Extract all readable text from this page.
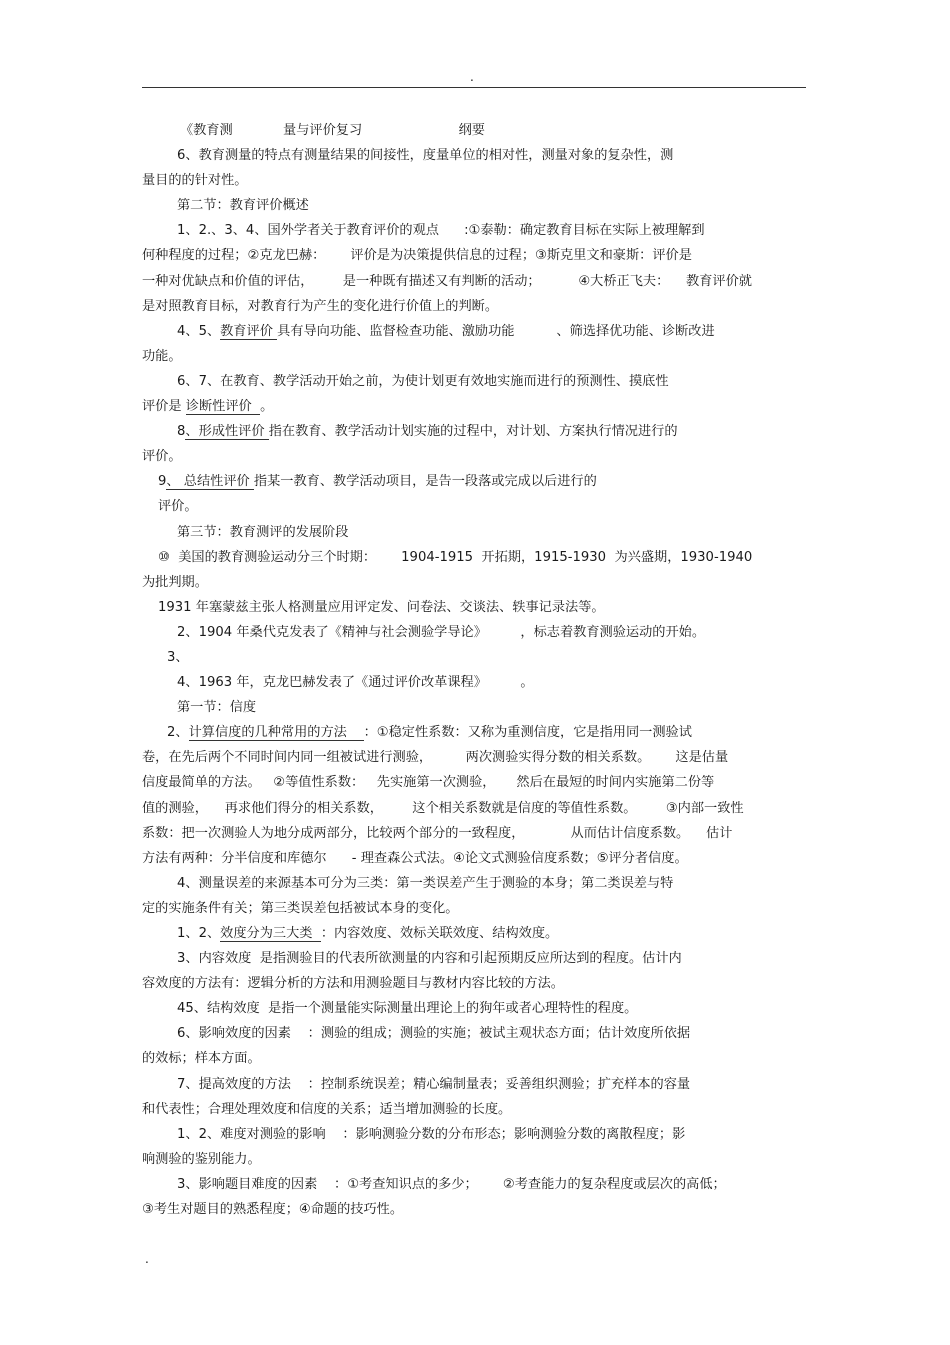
.
《教育测            量与评价复习                       纲要
6、教育测量的特点有测量结果的间接性，度量单位的相对性，测量对象的复杂性，测
量目的的针对性。
第二节：教育评价概述
1、2.、3、4、国外学者关于教育评价的观点      :①泰勒：确定教育目标在实际上被理解到
何种程度的过程；②克龙巴赫：      评价是为决策提供信息的过程；③斯克里文和豪斯：评价是
一种对优缺点和价值的评估，       是一种既有描述又有判断的活动；         ④大桥正飞夫：    教育评价就
是对照教育目标，对教育行为产生的变化进行价值上的判断。
4、5、教育评价 具有导向功能、监督检查功能、激励功能          、筛选择优功能、诊断改进
功能。
6、7、在教育、教学活动开始之前，为使计划更有效地实施而进行的预测性、摸底性
评价是 诊断性评价  。
8、形成性评价 指在教育、教学活动计划实施的过程中，对计划、方案执行情况进行的
评价。
9、 总结性评价 指某一教育、教学活动项目，是告一段落或完成以后进行的
评价。
第三节：教育测评的发展阶段
⑩  美国的教育测验运动分三个时期：      1904-1915  开拓期，1915-1930  为兴盛期，1930-1940
为批判期。
1931 年塞蒙兹主张人格测量应用评定发、问卷法、交谈法、轶事记录法等。
2、1904 年桑代克发表了《精神与社会测验学导论》        ，标志着教育测验运动的开始。
3、
4、1963 年，克龙巴赫发表了《通过评价改革课程》        。
第一节：信度
2、计算信度的几种常用的方法    ：①稳定性系数：又称为重测信度，它是指用同一测验试
卷，在先后两个不同时间内同一组被试进行测验，        两次测验实得分数的相关系数。      这是估量
信度最简单的方法。   ②等值性系数：   先实施第一次测验，     然后在最短的时间内实施第二份等
值的测验，    再求他们得分的相关系数，       这个相关系数就是信度的等值性系数。       ③内部一致性
系数：把一次测验人为地分成两部分，比较两个部分的一致程度，           从而估计信度系数。    估计
方法有两种：分半信度和库德尔      - 理查森公式法。④论文式测验信度系数；⑤评分者信度。
4、测量误差的来源基本可分为三类：第一类误差产生于测验的本身；第二类误差与特
定的实施条件有关；第三类误差包括被试本身的变化。
1、2、效度分为三大类  ：内容效度、效标关联效度、结构效度。
3、内容效度  是指测验目的代表所欲测量的内容和引起预期反应所达到的程度。估计内
容效度的方法有：逻辑分析的方法和用测验题目与教材内容比较的方法。
45、结构效度  是指一个测量能实际测量出理论上的狗年或者心理特性的程度。
6、影响效度的因素    ：测验的组成；测验的实施；被试主观状态方面；估计效度所依据
的效标；样本方面。
7、提高效度的方法    ：控制系统误差；精心编制量表；妥善组织测验；扩充样本的容量
和代表性；合理处理效度和信度的关系；适当增加测验的长度。
1、2、难度对测验的影响    ：影响测验分数的分布形态；影响测验分数的离散程度；影
响测验的鉴别能力。
3、影响题目难度的因素    ：①考查知识点的多少；      ②考查能力的复杂程度或层次的高低；
③考生对题目的熟悉程度；④命题的技巧性。
.
